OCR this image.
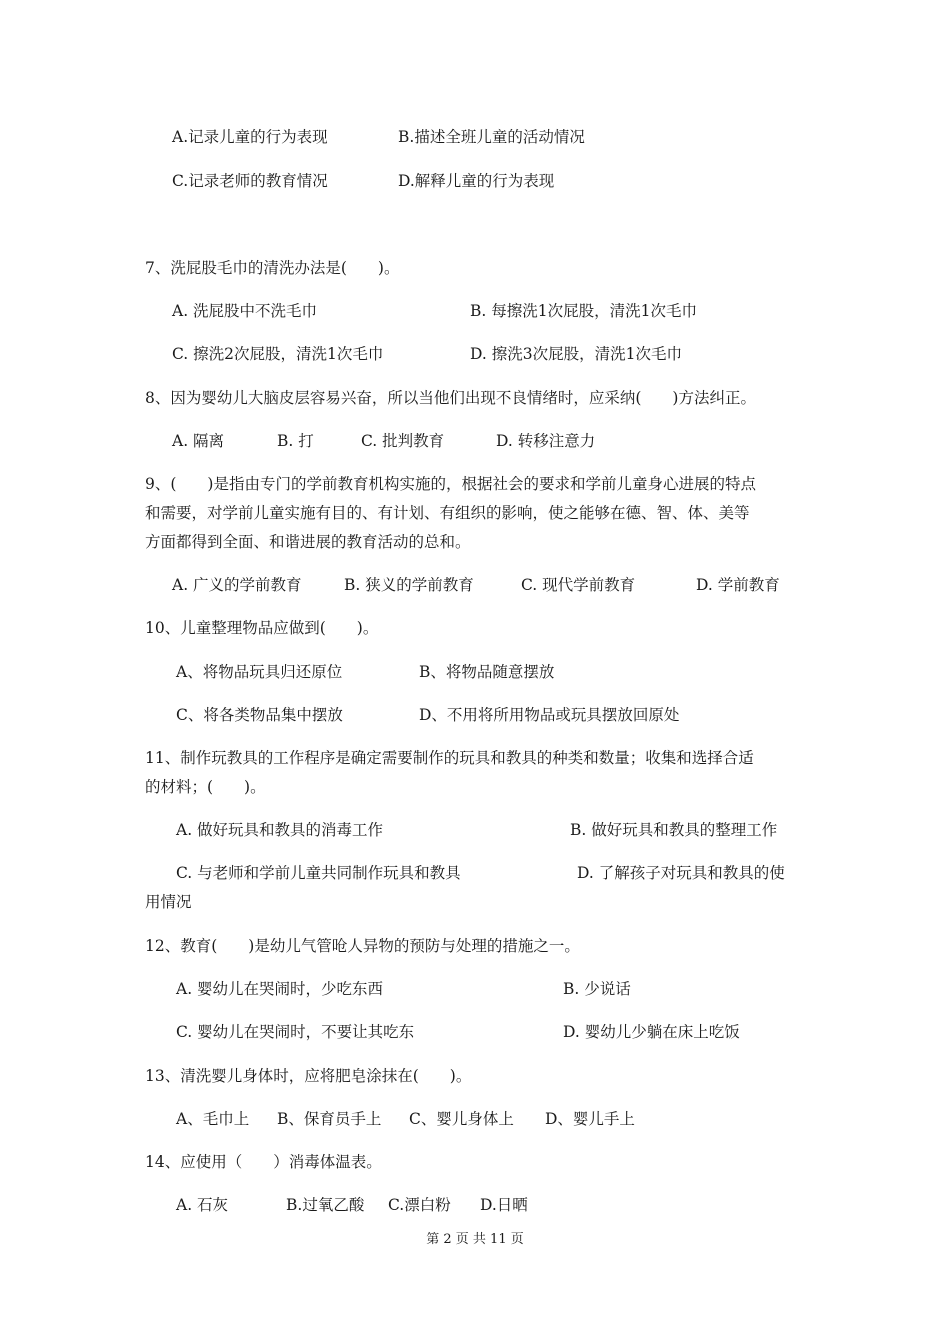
A.记录儿童的行为表现	B.描述全班儿童的活动情况
C.记录老师的教育情况	D.解释儿童的行为表现
7、洗屁股毛巾的清洗办法是(　　)。
A. 洗屁股中不洗毛巾	B. 每擦洗1次屁股，清洗1次毛巾
C. 擦洗2次屁股，清洗1次毛巾	D. 擦洗3次屁股，清洗1次毛巾
8、因为婴幼儿大脑皮层容易兴奋，所以当他们出现不良情绪时，应采纳(　　)方法纠正。
A. 隔离	B. 打	C. 批判教育	D. 转移注意力
9、(　　)是指由专门的学前教育机构实施的，根据社会的要求和学前儿童身心进展的特点
和需要，对学前儿童实施有目的、有计划、有组织的影响，使之能够在德、智、体、美等
方面都得到全面、和谐进展的教育活动的总和。
A. 广义的学前教育	B. 狭义的学前教育	C. 现代学前教育	D. 学前教育
10、儿童整理物品应做到(　　)。
A、将物品玩具归还原位	B、将物品随意摆放
C、将各类物品集中摆放	D、不用将所用物品或玩具摆放回原处
11、制作玩教具的工作程序是确定需要制作的玩具和教具的种类和数量；收集和选择合适
的材料；(　　)。
A. 做好玩具和教具的消毒工作	B. 做好玩具和教具的整理工作
C. 与老师和学前儿童共同制作玩具和教具	D. 了解孩子对玩具和教具的使
用情况
12、教育(　　)是幼儿气管呛人异物的预防与处理的措施之一。
A. 婴幼儿在哭闹时，少吃东西	B. 少说话
C. 婴幼儿在哭闹时，不要让其吃东	D. 婴幼儿少躺在床上吃饭
13、清洗婴儿身体时，应将肥皂涂抹在(　　)。
A、毛巾上 B、保育员手上 C、婴儿身体上 D、婴儿手上
14、应使用（　　）消毒体温表。
A. 石灰	B.过氧乙酸 C.漂白粉 D.日晒
第 2 页 共 11 页
